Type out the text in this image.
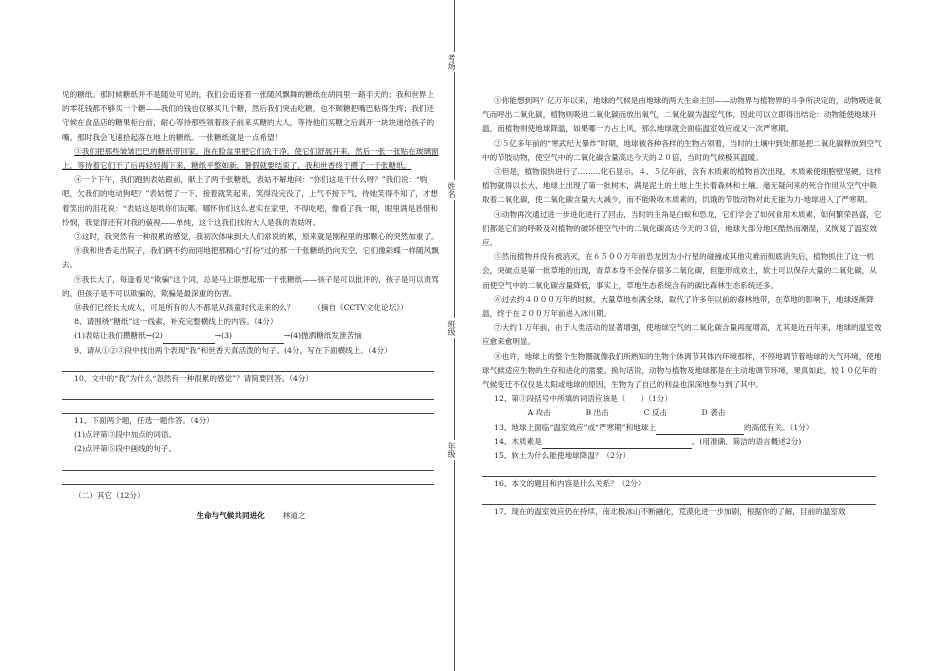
见的糖纸。那时候糖纸并不是随处可见的，我们会追逐着一张随风飘舞的糖纸在胡同里一路手天的；我和世界上的零花钱都不够买一个糖——我们的钱也仅够买几个糖，然后我们突击吃糖，也不顾糖把嘴巴粘得生疼；我们还守候在食品店的糖果柜台前，耐心等待那些领着孩子前来买糖的大人，等待他们买糖之后剥开一块块递给孩子的嘴。那时我会飞速拾起落在地上的糖纸。一张糖纸就是一点希望！

③我们把那些皱皱巴巴的糖纸带回家，泡在脸盆里把它们洗干净，使它们舒展开来，然后一张一张贴在玻璃窗上，等待着它们干了后再轻轻揭下来，糖纸平整如新，暑假就要结束了，我和世香终于攒了一千张糖纸。

④一个下午，我们跑到表姑跟前，献上了两千张糖纸，表姑不解地问：“你们这是干什么呀？”我们说：“购吧，欠我们的电动狗吧？”表姑愣了一下，接着就笑起来，笑得没完没了，上气不接下气，待她笑得不知了，才想着笑出的泪花说：“表姑这是哄你们玩哪，哪怀你们这么老实在家里，不得吃吧，像看了我一眼，眼里满是恳惜和怜悯，我觉得还有对我的藐视——单纯，这个这我们找的大人是我的表姑呀。

⑦这时，我突然有一种很累的感觉，我初次体味到大人们常说的累，原来就是刚程里的那颗心的突然加重了。

⑧我和世香走出院子，我们俩不约而同地把那精心“打扮”过的那一千张糖纸扔向天空，它们像彩蝶一样随风飘去。

⑨我长大了，每逢看见“欺骗”这个词，总是马上联想起那一千张糖纸——孩子是可以批评的，孩子是可以责骂的，但孩子是不可以欺骗的，欺骗是最深重的伤害。

⑩我们已经长大成人，可是所有的人不都是从孩童时代走来的么？　　　（摘自《CCTV文化论坛》）

8、请围绕“糖纸”这一线索，补充完整横线上的内容。（4分）

(1)表姑让我们攒糖纸→(2)	→(3)	→(4)抛洒糖纸发泄苦恼

9、请从①②③段中找出两个表现“我”和世香天真活泼的句子。(4分，写在下面横线上。（4分）

10、文中的“我”为什么“忽然有一种很累的感觉”？请简要回答。（4分）

11、下面两个题，任选一题作答。（4分）

(1)点评第③段中加点的词语。

(2)点评第⑤段中画线的句子。

（二）其它（12分）

生命与气候共同进化 林道之

考场
姓名
班级
年级

①你能想到吗？亿万年以来，地球的气候是由地球的两大生命主回——动物界与植物界的斗争所决定的，动物吸进氧气而呼出二氧化碳，植物则吸进二氧化碳而放出氧气，二氧化碳为温室气体，因此可以立即得出结论：动物能使地球升温，而植物则使地球降温，如果哪一方占上风，那么地球就会面临温室效应或又一次严寒期。

②５亿多年前的“寒武纪大暴炸”时期，地球被各种各样的生物占领着，当时的土壤中到处都是把二氧化碳释放到空气中的节肢动物，使空气中的二氧化碳含量高达今天的２０倍，当时的气候极其温暖。

③但是，植物很快进行了………化石显示，４、５亿年前，含有木质素的植物首次出现，木质素使细胞壁坚硬，这样植物就得以长大，地球上出现了第一批树木，满是泥土的土地上生长着森林和土壤。毫无疑问来的死合作用从空气中吸取着二氧化碳，使二氧化碳含量大大减少，而不能吸收木质素的，饥饿的节肢动物对此无能为力-地球进入了严寒期。

④动物再次通过进一步进化进行了回击，当时的主角是白蚁和恐龙，它们学会了如何食用木质素，如何繁荣昌盛，它们都是它们的呼吸及对植物的破坏使空气中的二氧化碳高达今天的３倍，地球大部分地区酷热而潮湿，又恢复了温室效应。

⑤然而植物并没有被消灭，在６５００万年前恐龙因为小行星的碰撞或其他灾难而彻底消失后，植物抓住了这一机会，突破点是第一批草地的出现，青草本身不会保存很多二氧化碳，但能形成欢土，软土可以保存大量的二氧化碳，从而使空气中的二氧化碳含量降低，事实上，草地生态系统含有的碳比森林生态系统还多。

⑥过去约４０００万年的时候，大量草地布满全球，取代了许多年以前的森林地带，在草地的影响下，地球逐渐降温，终于在２００万年前进入冰川期。

⑦大约１万年前，由于人类活动的显著增强，使地球空气的二氧化碳含量再度增高，尤其是近百年来，地球的温室效应愈来愈明显。

⑧也许，地球上的整个生物圈就像我们所熟知的生物个体调节其体内环境那样，不停地调节着地球的大气环境，使地球气候适应生物的生存和进化的需要。换句话说，动物与植物及地球都是在主动地调节环境，果真如此，较１０亿年的气候变迁不仅仅是太阳或地球的原因，生物为了自己的利益也深深地参与到了其中。

12、第③段括号中所填的词语应该是（　　）（1分）

A 攻击	B 出击	C 反击	D 袭击

13、地球上面临“温室效应”或“严寒期”和地球上	的高低有关。（1分）

14、木质素是	。(用准确、简洁的语言概述2分)

15、软土为什么能使地球降温？（2分）

16、本文的题目和内容是什么关系？（2分）

17、现在的温室效应仍在持续，南北极冰山不断融化，荒漠化进一步加剧，根据你的了解，目前的温室效
